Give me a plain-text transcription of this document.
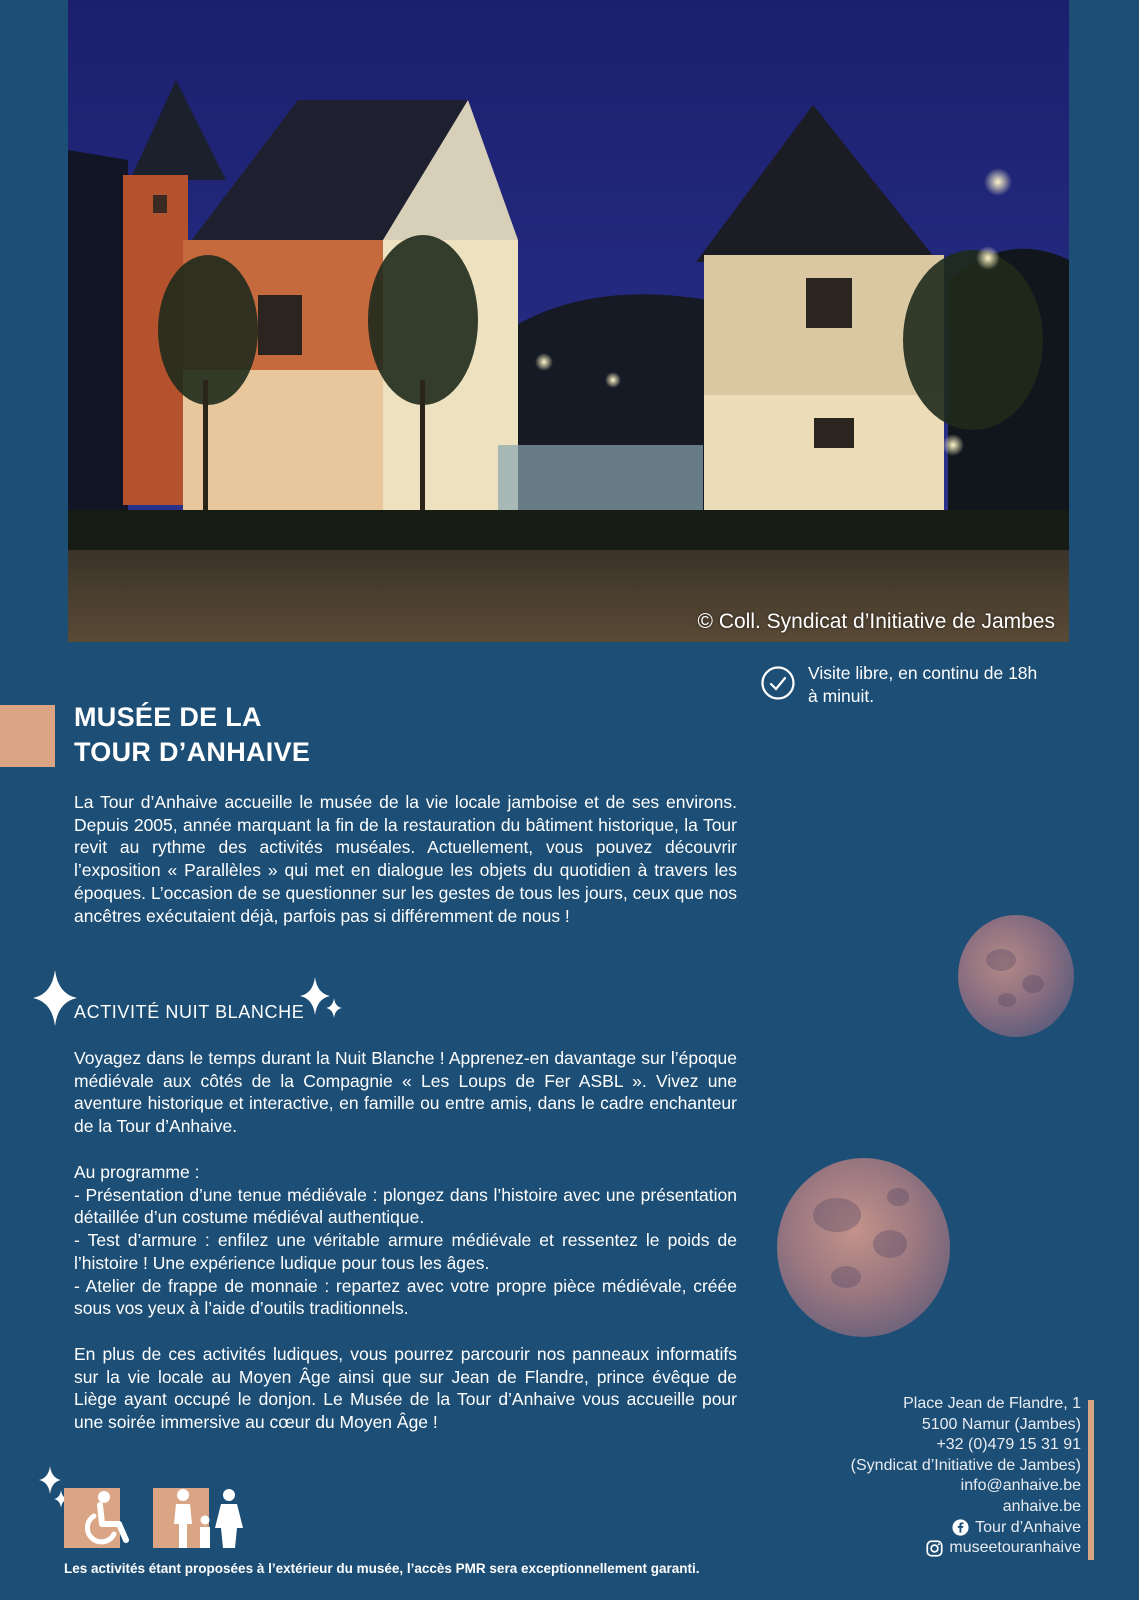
© Coll. Syndicat d’Initiative de Jambes
Visite libre, en continu de 18h
à minuit.
MUSÉE DE LA
TOUR D’ANHAIVE

La Tour d’Anhaive accueille le musée de la vie locale jamboise et de ses environs. Depuis 2005, année marquant la fin de la restauration du bâtiment historique, la Tour revit au rythme des activités muséales. Actuellement, vous pouvez découvrir l’exposition « Parallèles » qui met en dialogue les objets du quotidien à travers les époques. L’occasion de se questionner sur les gestes de tous les jours, ceux que nos ancêtres exécutaient déjà, parfois pas si différemment de nous !

ACTIVITÉ NUIT BLANCHE

Voyagez dans le temps durant la Nuit Blanche ! Apprenez-en davantage sur l’époque médiévale aux côtés de la Compagnie « Les Loups de Fer ASBL ». Vivez une aventure historique et interactive, en famille ou entre amis, dans le cadre enchanteur de la Tour d’Anhaive.

Au programme :
- Présentation d’une tenue médiévale : plongez dans l’histoire avec une présentation détaillée d’un costume médiéval authentique.
- Test d’armure : enfilez une véritable armure médiévale et ressentez le poids de l’histoire ! Une expérience ludique pour tous les âges.
- Atelier de frappe de monnaie : repartez avec votre propre pièce médiévale, créée sous vos yeux à l’aide d’outils traditionnels.

En plus de ces activités ludiques, vous pourrez parcourir nos panneaux informatifs sur la vie locale au Moyen Âge ainsi que sur Jean de Flandre, prince évêque de Liège ayant occupé le donjon. Le Musée de la Tour d’Anhaive vous accueille pour une soirée immersive au cœur du Moyen Âge !

Place Jean de Flandre, 1
5100 Namur (Jambes)
+32 (0)479 15 31 91
(Syndicat d’Initiative de Jambes)
info@anhaive.be
anhaive.be
Tour d’Anhaive
museetouranhaive
Les activités étant proposées à l’extérieur du musée, l’accès PMR sera exceptionnellement garanti.
